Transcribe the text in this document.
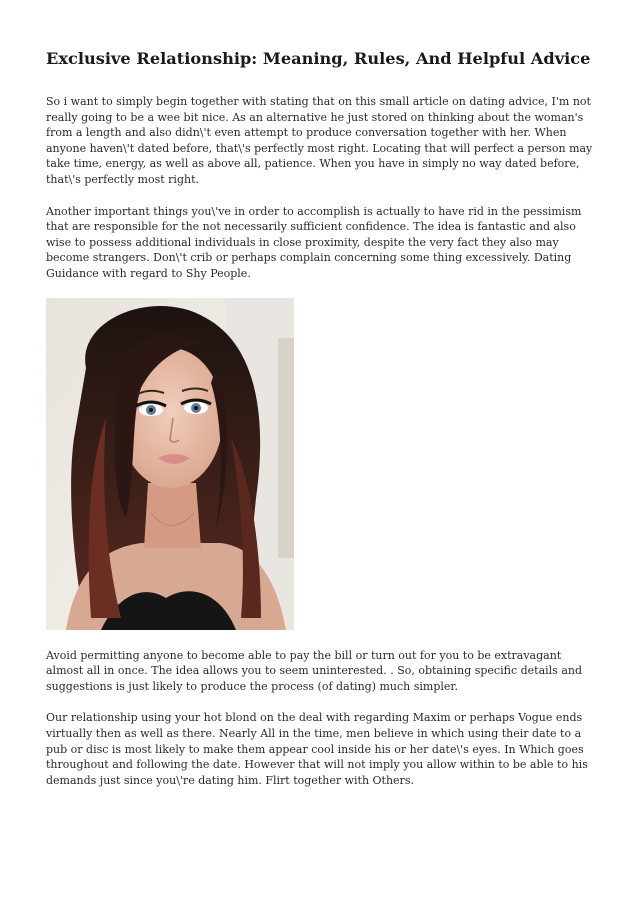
Exclusive Relationship: Meaning, Rules, And Helpful Advice

So i want to simply begin together with stating that on this small article on dating advice, I'm not really going to be a wee bit nice. As an alternative he just stored on thinking about the woman's from a length and also didn\'t even attempt to produce conversation together with her. When anyone haven\'t dated before, that\'s perfectly most right. Locating that will perfect a person may take time, energy, as well as above all, patience. When you have in simply no way dated before, that\'s perfectly most right.

Another important things you\'ve in order to accomplish is actually to have rid in the pessimism that are responsible for the not necessarily sufficient confidence. The idea is fantastic and also wise to possess additional individuals in close proximity, despite the very fact they also may become strangers. Don\'t crib or perhaps complain concerning some thing excessively. Dating Guidance with regard to Shy People.

Avoid permitting anyone to become able to pay the bill or turn out for you to be extravagant almost all in once. The idea allows you to seem uninterested. . So, obtaining specific details and suggestions is just likely to produce the process (of dating) much simpler.

Our relationship using your hot blond on the deal with regarding Maxim or perhaps Vogue ends virtually then as well as there. Nearly All in the time, men believe in which using their date to a pub or disc is most likely to make them appear cool inside his or her date\'s eyes. In Which goes throughout and following the date. However that will not imply you allow within to be able to his demands just since you\'re dating him. Flirt together with Others.
